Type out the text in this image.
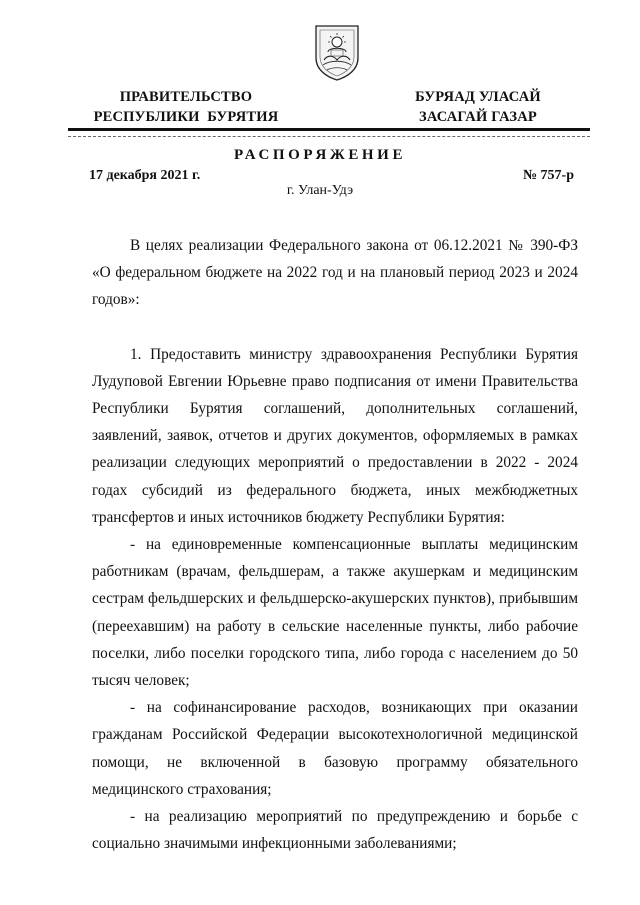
ПРАВИТЕЛЬСТВО
РЕСПУБЛИКИ  БУРЯТИЯ
БУРЯАД УЛАСАЙ
ЗАСАГАЙ ГАЗАР
РАСПОРЯЖЕНИЕ
17 декабря 2021 г.	№ 757-р
г. Улан-Удэ

В целях реализации Федерального закона от 06.12.2021 № 390-ФЗ «О федеральном бюджете на 2022 год и на плановый период 2023 и 2024 годов»:

1. Предоставить министру здравоохранения Республики Бурятия Лудуповой Евгении Юрьевне право подписания от имени Правительства Республики Бурятия соглашений, дополнительных соглашений, заявлений, заявок, отчетов и других документов, оформляемых в рамках реализации следующих мероприятий о предоставлении в 2022 - 2024 годах субсидий из федерального бюджета, иных межбюджетных трансфертов и иных источников бюджету Республики Бурятия:

- на единовременные компенсационные выплаты медицинским работникам (врачам, фельдшерам, а также акушеркам и медицинским сестрам фельдшерских и фельдшерско-акушерских пунктов), прибывшим (переехавшим) на работу в сельские населенные пункты, либо рабочие поселки, либо поселки городского типа, либо города с населением до 50 тысяч человек;

- на софинансирование расходов, возникающих при оказании гражданам Российской Федерации высокотехнологичной медицинской помощи, не включенной в базовую программу обязательного медицинского страхования;

- на реализацию мероприятий по предупреждению и борьбе с социально значимыми инфекционными заболеваниями;
